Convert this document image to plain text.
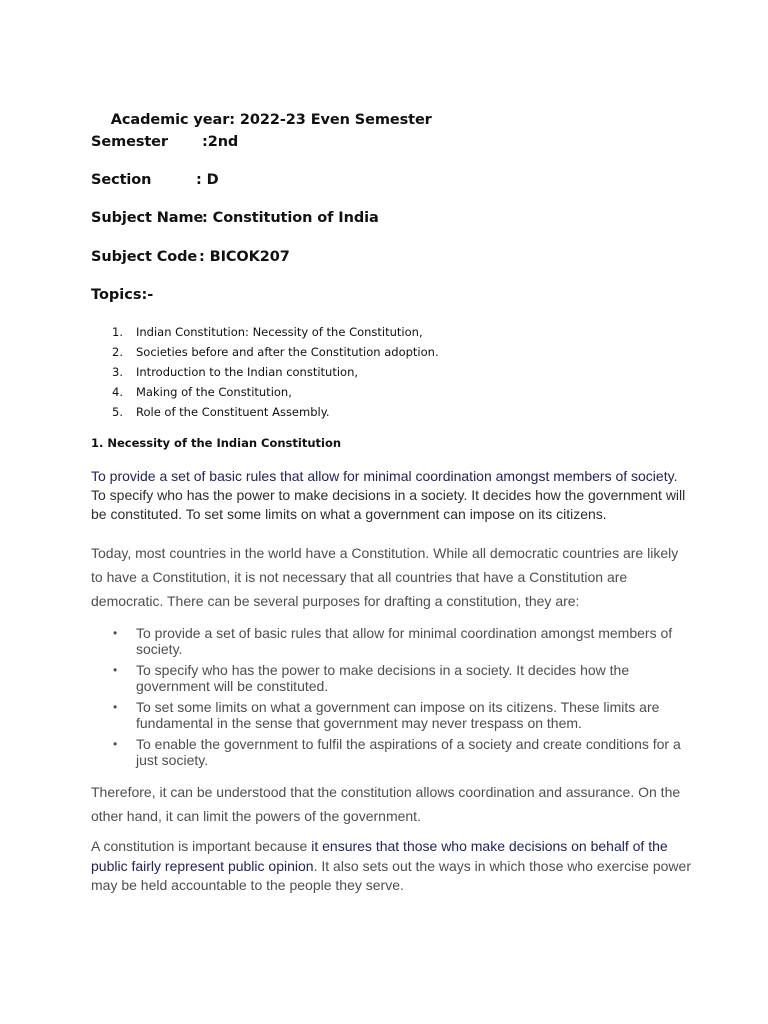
Academic year: 2022-23 Even Semester

Semester :2nd
Section	: D
Subject Name: Constitution of India
Subject Code : BICOK207
Topics:-
1. Indian Constitution: Necessity of the Constitution,
2. Societies before and after the Constitution adoption.
3. Introduction to the Indian constitution,
4. Making of the Constitution,
5. Role of the Constituent Assembly.
1. Necessity of the Indian Constitution
To provide a set of basic rules that allow for minimal coordination amongst members of society. To specify who has the power to make decisions in a society. It decides how the government will be constituted. To set some limits on what a government can impose on its citizens.
Today, most countries in the world have a Constitution. While all democratic countries are likely to have a Constitution, it is not necessary that all countries that have a Constitution are democratic. There can be several purposes for drafting a constitution, they are:
• To provide a set of basic rules that allow for minimal coordination amongst members of society.
• To specify who has the power to make decisions in a society. It decides how the government will be constituted.
• To set some limits on what a government can impose on its citizens. These limits are fundamental in the sense that government may never trespass on them.
• To enable the government to fulfil the aspirations of a society and create conditions for a just society.
Therefore, it can be understood that the constitution allows coordination and assurance. On the other hand, it can limit the powers of the government.
A constitution is important because it ensures that those who make decisions on behalf of the public fairly represent public opinion. It also sets out the ways in which those who exercise power may be held accountable to the people they serve.
